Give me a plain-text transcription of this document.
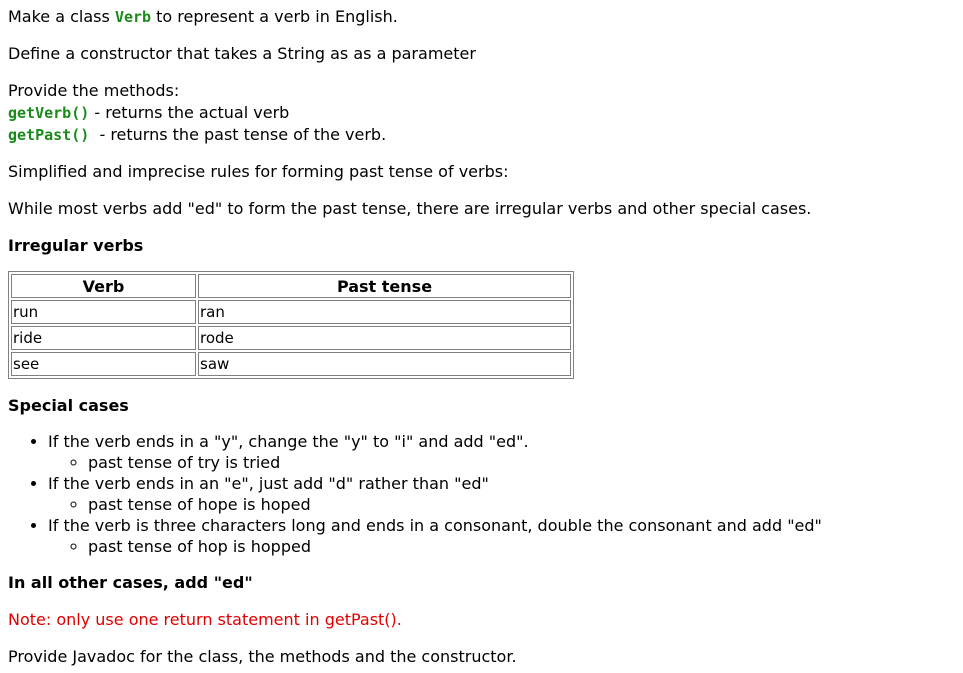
Make a class Verb to represent a verb in English.

Define a constructor that takes a String as as a parameter

Provide the methods:

getVerb() - returns the actual verb

getPast()  - returns the past tense of the verb.

Simplified and imprecise rules for forming past tense of verbs:

While most verbs add "ed" to form the past tense, there are irregular verbs and other special cases.

Irregular verbs
Verb	Past tense
run	ran
ride	rode
see	saw
Special cases
• If the verb ends in a "y", change the "y" to "i" and add "ed".
◦ past tense of try is tried
• If the verb ends in an "e", just add "d" rather than "ed"
◦ past tense of hope is hoped
• If the verb is three characters long and ends in a consonant, double the consonant and add "ed"
◦ past tense of hop is hopped
In all other cases, add "ed"

Note: only use one return statement in getPast().

Provide Javadoc for the class, the methods and the constructor.
